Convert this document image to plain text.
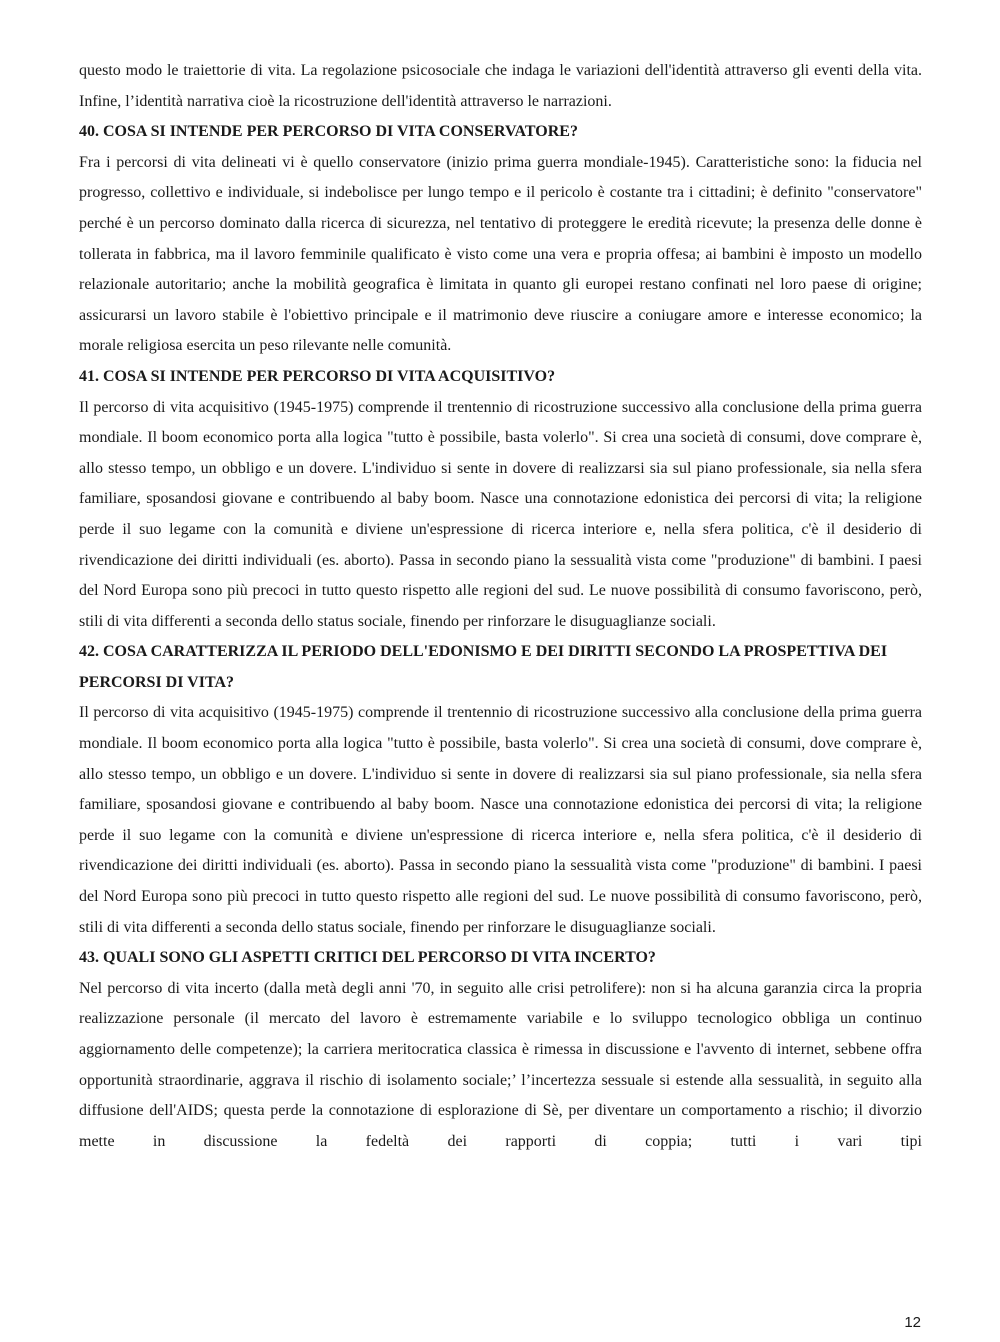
questo modo le traiettorie di vita. La regolazione psicosociale che indaga le variazioni dell'identità attraverso gli eventi della vita. Infine, l’identità narrativa cioè la ricostruzione dell'identità attraverso le narrazioni.

40. COSA SI INTENDE PER PERCORSO DI VITA CONSERVATORE?

Fra i percorsi di vita delineati vi è quello conservatore (inizio prima guerra mondiale-1945). Caratteristiche sono: la fiducia nel progresso, collettivo e individuale, si indebolisce per lungo tempo e il pericolo è costante tra i cittadini; è definito "conservatore" perché è un percorso dominato dalla ricerca di sicurezza, nel tentativo di proteggere le eredità ricevute; la presenza delle donne è tollerata in fabbrica, ma il lavoro femminile qualificato è visto come una vera e propria offesa; ai bambini è imposto un modello relazionale autoritario; anche la mobilità geografica è limitata in quanto gli europei restano confinati nel loro paese di origine; assicurarsi un lavoro stabile è l'obiettivo principale e il matrimonio deve riuscire a coniugare amore e interesse economico; la morale religiosa esercita un peso rilevante nelle comunità.

41. COSA SI INTENDE PER PERCORSO DI VITA ACQUISITIVO?

Il percorso di vita acquisitivo (1945-1975) comprende il trentennio di ricostruzione successivo alla conclusione della prima guerra mondiale. Il boom economico porta alla logica "tutto è possibile, basta volerlo". Si crea una società di consumi, dove comprare è, allo stesso tempo, un obbligo e un dovere. L'individuo si sente in dovere di realizzarsi sia sul piano professionale, sia nella sfera familiare, sposandosi giovane e contribuendo al baby boom. Nasce una connotazione edonistica dei percorsi di vita; la religione perde il suo legame con la comunità e diviene un'espressione di ricerca interiore e, nella sfera politica, c'è il desiderio di rivendicazione dei diritti individuali (es. aborto). Passa in secondo piano la sessualità vista come "produzione" di bambini. I paesi del Nord Europa sono più precoci in tutto questo rispetto alle regioni del sud. Le nuove possibilità di consumo favoriscono, però, stili di vita differenti a seconda dello status sociale, finendo per rinforzare le disuguaglianze sociali.

42. COSA CARATTERIZZA IL PERIODO DELL'EDONISMO E DEI DIRITTI SECONDO LA PROSPETTIVA DEI PERCORSI DI VITA?

Il percorso di vita acquisitivo (1945-1975) comprende il trentennio di ricostruzione successivo alla conclusione della prima guerra mondiale. Il boom economico porta alla logica "tutto è possibile, basta volerlo". Si crea una società di consumi, dove comprare è, allo stesso tempo, un obbligo e un dovere. L'individuo si sente in dovere di realizzarsi sia sul piano professionale, sia nella sfera familiare, sposandosi giovane e contribuendo al baby boom. Nasce una connotazione edonistica dei percorsi di vita; la religione perde il suo legame con la comunità e diviene un'espressione di ricerca interiore e, nella sfera politica, c'è il desiderio di rivendicazione dei diritti individuali (es. aborto). Passa in secondo piano la sessualità vista come "produzione" di bambini. I paesi del Nord Europa sono più precoci in tutto questo rispetto alle regioni del sud. Le nuove possibilità di consumo favoriscono, però, stili di vita differenti a seconda dello status sociale, finendo per rinforzare le disuguaglianze sociali.

43. QUALI SONO GLI ASPETTI CRITICI DEL PERCORSO DI VITA INCERTO?

Nel percorso di vita incerto (dalla metà degli anni '70, in seguito alle crisi petrolifere): non si ha alcuna garanzia circa la propria realizzazione personale (il mercato del lavoro è estremamente variabile e lo sviluppo tecnologico obbliga un continuo aggiornamento delle competenze); la carriera meritocratica classica è rimessa in discussione e l'avvento di internet, sebbene offra opportunità straordinarie, aggrava il rischio di isolamento sociale;’ l’incertezza sessuale si estende alla sessualità, in seguito alla diffusione dell'AIDS; questa perde la connotazione di esplorazione di Sè, per diventare un comportamento a rischio; il divorzio mette in discussione la fedeltà dei rapporti di coppia; tutti i vari tipi

12
